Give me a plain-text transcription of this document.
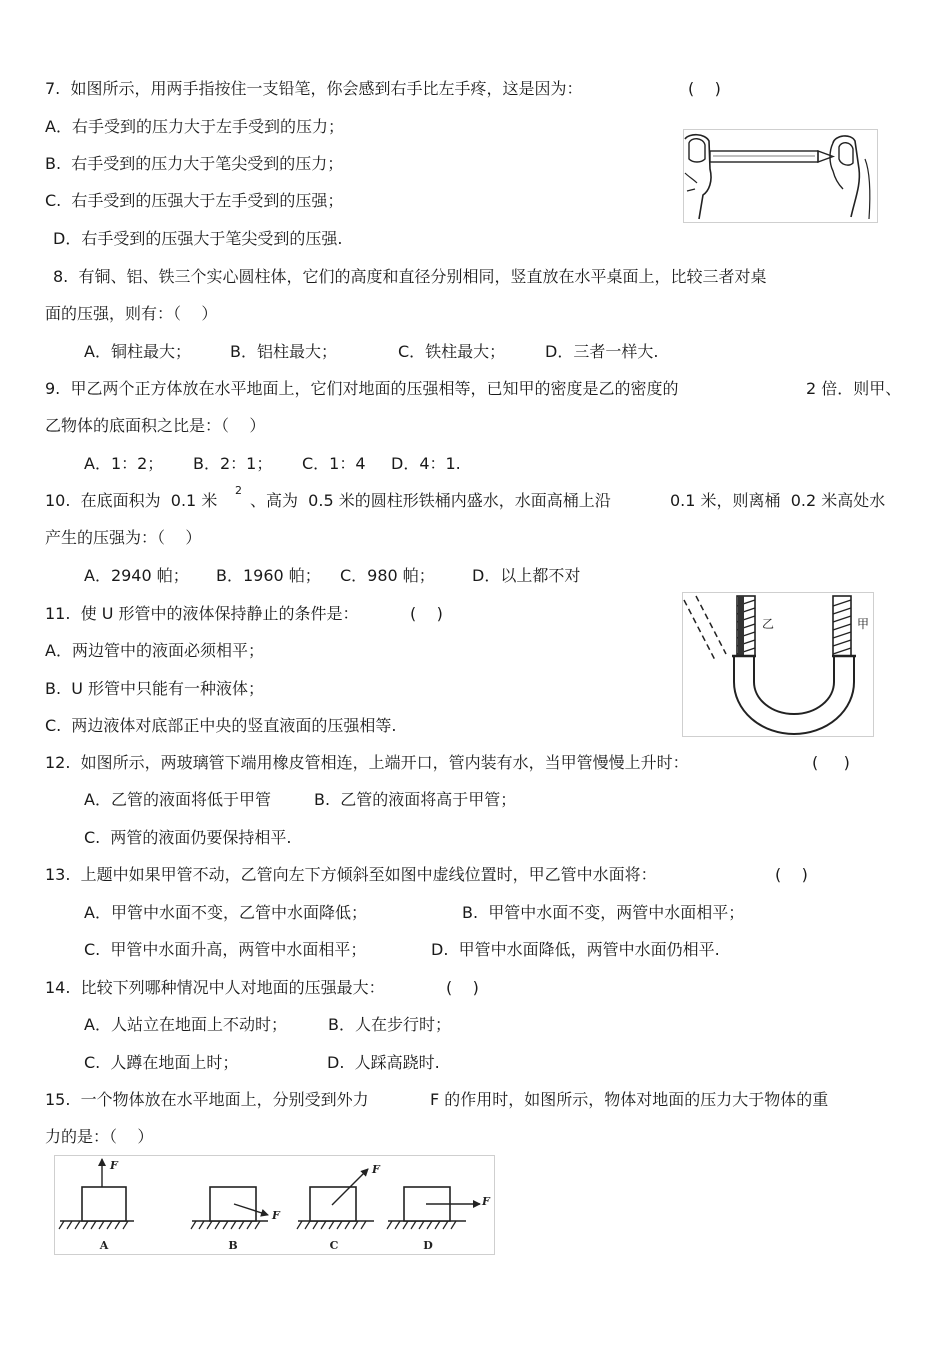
7.  如图所示，用两手指按住一支铅笔，你会感到右手比左手疼，这是因为：	(    )
A．右手受到的压力大于左手受到的压力；
B.  右手受到的压力大于笔尖受到的压力；
C.  右手受到的压强大于左手受到的压强；
D．右手受到的压强大于笔尖受到的压强.
8.  有铜、铝、铁三个实心圆柱体，它们的高度和直径分别相同，竖直放在水平桌面上，比较三者对桌
面的压强，则有：（    ）
A．铜柱最大； B．铝柱最大；	C．铁柱最大； D．三者一样大.
9.  甲乙两个正方体放在水平地面上，它们对地面的压强相等，已知甲的密度是乙的密度的	2 倍．则甲、
乙物体的底面积之比是：（    ）
A．1：2； B．2：1； C．1：4 D．4：1.
10.  在底面积为  0.1 米
2
、高为  0.5 米的圆柱形铁桶内盛水，水面高桶上沿	0.1 米，则离桶  0.2 米高处水
产生的压强为：（    ）
A．2940 帕； B．1960 帕； C．980 帕； D．以上都不对
11.  使 U 形管中的液体保持静止的条件是：	(    )
A．两边管中的液面必须相平；
B.  U 形管中只能有一种液体；
C.  两边液体对底部正中央的竖直液面的压强相等.
乙	甲
12.  如图所示，两玻璃管下端用橡皮管相连，上端开口，管内装有水，当甲管慢慢上升时：	(     )
A．乙管的液面将低于甲管	B.  乙管的液面将高于甲管；
C.  两管的液面仍要保持相平.
13.  上题中如果甲管不动，乙管向左下方倾斜至如图中虚线位置时，甲乙管中水面将：	(    )
A．甲管中水面不变，乙管中水面降低；	B.  甲管中水面不变，两管中水面相平；
C.  甲管中水面升高，两管中水面相平；	D.  甲管中水面降低，两管中水面仍相平.
14.  比较下列哪种情况中人对地面的压强最大：	(    )
A．人站立在地面上不动时；	B．人在步行时；
C.  人蹲在地面上时；	D.  人踩高跷时.
15.  一个物体放在水平地面上，分别受到外力	F 的作用时，如图所示，物体对地面的压力大于物体的重
力的是：（    ）
F
A
F
B
F
C
F
D
